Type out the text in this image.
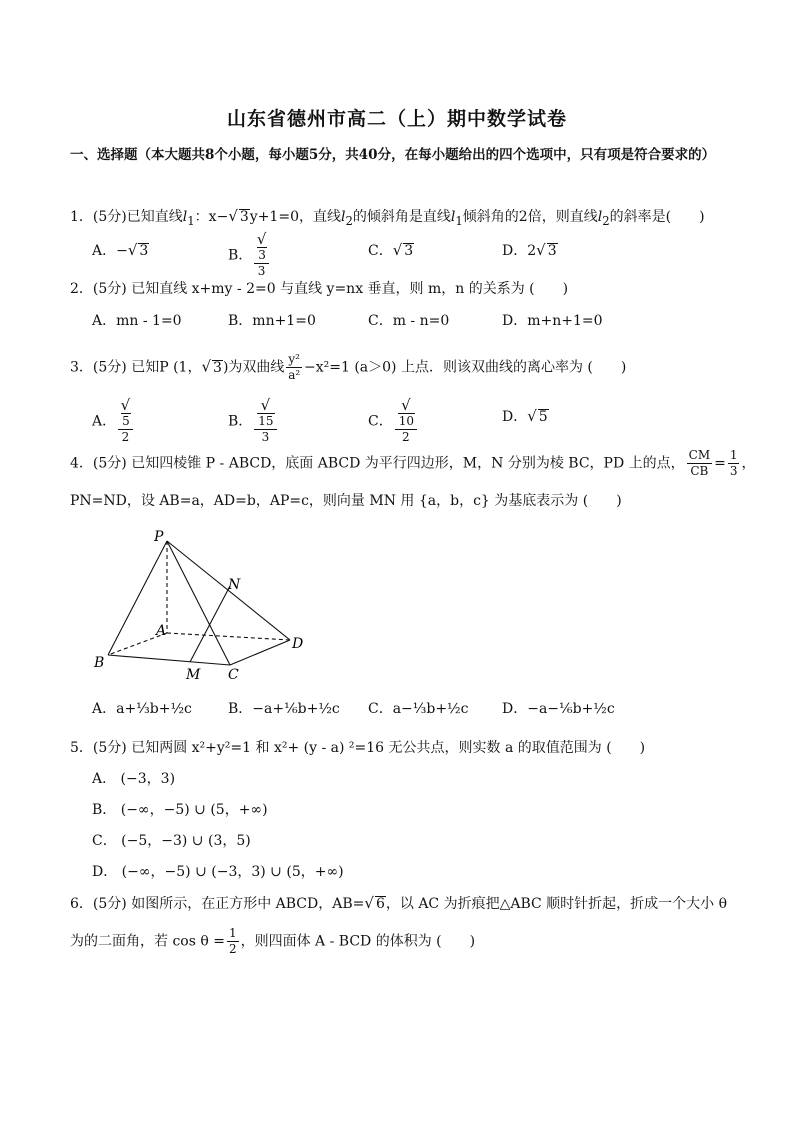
山东省德州市高二（上）期中数学试卷
一、选择题（本大题共8个小题，每小题5分，共40分，在每小题给出的四个选项中，只有项是符合要求的）
1．(5分)已知直线$l_1$：x−√ 3y+1=0，直线$l_2$的倾斜角是直线$l_1$倾斜角的2倍，则直线$l_2$的斜率是(　　)
A．−√ 3	B． √
3
3	C．√ 3	D．2√ 3
2．(5分) 已知直线 x+my - 2=0 与直线 y=nx 垂直，则 m，n 的关系为 (　　)
A．mn - 1=0	B．mn+1=0	C．m - n=0	D．m+n+1=0
3．(5分) 已知P (1，√ 3)为双曲线 $\frac{\text{y²}}{\text{a²}} -x^2=1$ (a＞0) 上点．则该双曲线的离心率为 (　　)
A． √
5
2	B． √
15
3	C． √
10
2	D．√ 5
4．(5分) 已知四棱锥 P - ABCD，底面 ABCD 为平行四边形，M，N 分别为棱 BC，PD 上的点， $\frac{CM}{CB} = \frac{1}{3}$ ，
PN=ND，设 AB=a，AD=b，AP=c，则向量 MN 用 {a，b，c} 为基底表示为 (　　)
P
A
B
C
D
M
N
A．a+⅓b+½c	B．−a+⅙b+½c C．a−⅓b+½c D．−a−⅙b+½c
5．(5分) 已知两圆 x²+y²=1 和 x²+ (y - a) ²=16 无公共点，则实数 a 的取值范围为 (　　)
A． (−3，3)
B． (−∞，−5) ∪ (5，+∞)
C． (−5，−3) ∪ (3，5)
D． (−∞，−5) ∪ (−3，3) ∪ (5，+∞)
6．(5分) 如图所示，在正方形中 ABCD，AB=√ 6，以 AC 为折痕把△ABC 顺时针折起，折成一个大小 θ
为的二面角，若 $\cos \theta = \frac{1}{2}$ ，则四面体 A - BCD 的体积为 (　　)
